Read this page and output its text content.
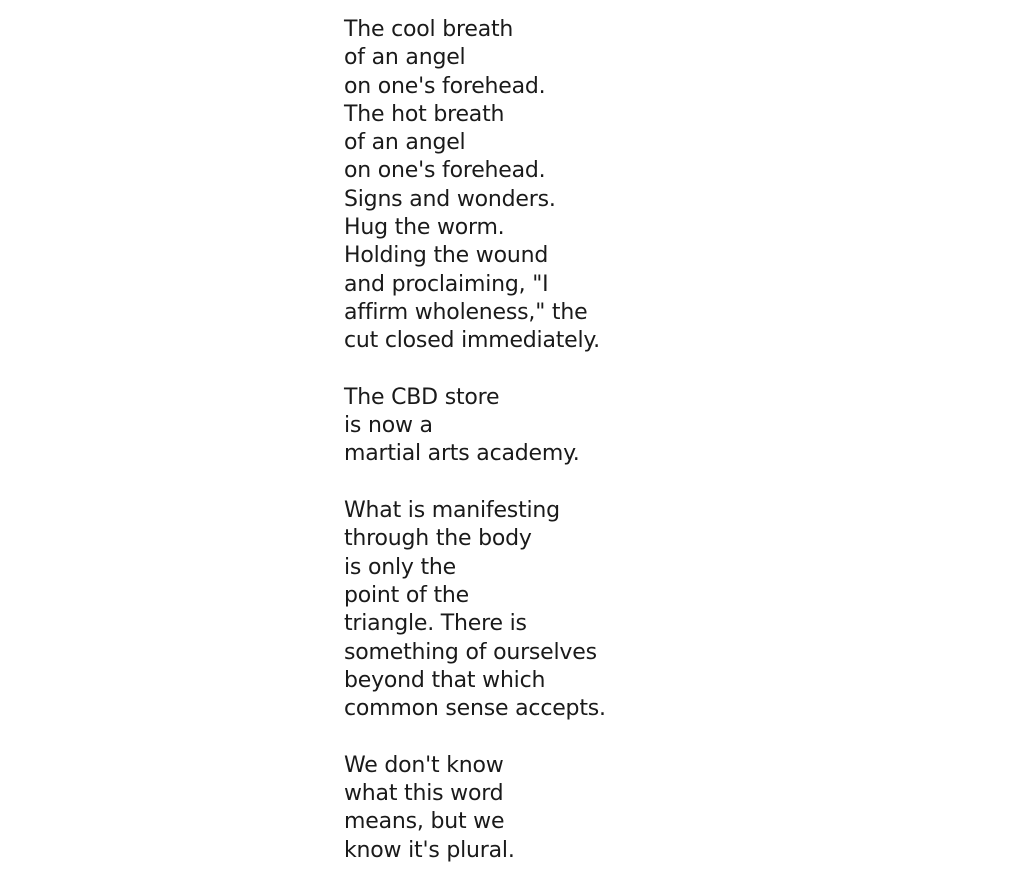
The cool breath
of an angel
on one's forehead.
The hot breath
of an angel
on one's forehead.
Signs and wonders.
Hug the worm.
Holding the wound
and proclaiming, "I
affirm wholeness," the
cut closed immediately.
The CBD store
is now a
martial arts academy.
What is manifesting
through the body
is only the
point of the
triangle. There is
something of ourselves
beyond that which
common sense accepts.
We don't know
what this word
means, but we
know it's plural.
